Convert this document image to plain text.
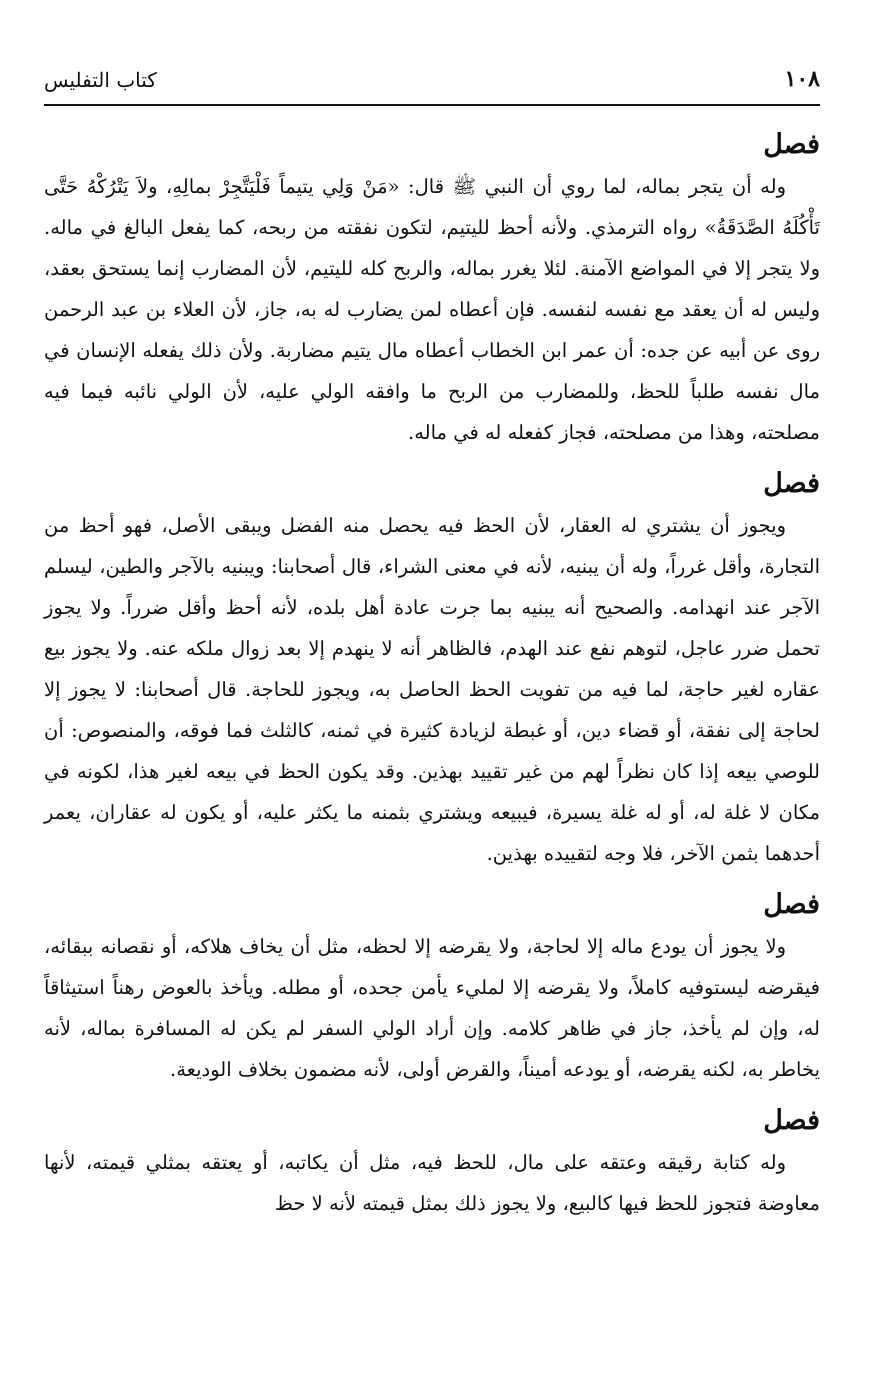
١٠٨
كتاب التفليس
فصل

وله أن يتجر بماله، لما روي أن النبي ﷺ قال: «مَنْ وَلِي يتيماً فَلْيَتَّجِرْ بمالِهِ، ولاَ يَتْرُكْهُ حَتَّى تَأْكُلَهُ الصَّدَقَةُ» رواه الترمذي. ولأنه أحظ لليتيم، لتكون نفقته من ربحه، كما يفعل البالغ في ماله. ولا يتجر إلا في المواضع الآمنة. لئلا يغرر بماله، والربح كله لليتيم، لأن المضارب إنما يستحق بعقد، وليس له أن يعقد مع نفسه لنفسه. فإن أعطاه لمن يضارب له به، جاز، لأن العلاء بن عبد الرحمن روى عن أبيه عن جده: أن عمر ابن الخطاب أعطاه مال يتيم مضاربة. ولأن ذلك يفعله الإنسان في مال نفسه طلباً للحظ، وللمضارب من الربح ما وافقه الولي عليه، لأن الولي نائبه فيما فيه مصلحته، وهذا من مصلحته، فجاز كفعله له في ماله.

فصل

ويجوز أن يشتري له العقار، لأن الحظ فيه يحصل منه الفضل ويبقى الأصل، فهو أحظ من التجارة، وأقل غرراً، وله أن يبنيه، لأنه في معنى الشراء، قال أصحابنا: ويبنيه بالآجر والطين، ليسلم الآجر عند انهدامه. والصحيح أنه يبنيه بما جرت عادة أهل بلده، لأنه أحظ وأقل ضرراً. ولا يجوز تحمل ضرر عاجل، لتوهم نفع عند الهدم، فالظاهر أنه لا ينهدم إلا بعد زوال ملكه عنه. ولا يجوز بيع عقاره لغير حاجة، لما فيه من تفويت الحظ الحاصل به، ويجوز للحاجة. قال أصحابنا: لا يجوز إلا لحاجة إلى نفقة، أو قضاء دين، أو غبطة لزيادة كثيرة في ثمنه، كالثلث فما فوقه، والمنصوص: أن للوصي بيعه إذا كان نظراً لهم من غير تقييد بهذين. وقد يكون الحظ في بيعه لغير هذا، لكونه في مكان لا غلة له، أو له غلة يسيرة، فيبيعه ويشتري بثمنه ما يكثر عليه، أو يكون له عقاران، يعمر أحدهما بثمن الآخر، فلا وجه لتقييده بهذين.

فصل

ولا يجوز أن يودع ماله إلا لحاجة، ولا يقرضه إلا لحظه، مثل أن يخاف هلاكه، أو نقصانه ببقائه، فيقرضه ليستوفيه كاملاً، ولا يقرضه إلا لمليء يأمن جحده، أو مطله. ويأخذ بالعوض رهناً استيثاقاً له، وإن لم يأخذ، جاز في ظاهر كلامه. وإن أراد الولي السفر لم يكن له المسافرة بماله، لأنه يخاطر به، لكنه يقرضه، أو يودعه أميناً، والقرض أولى، لأنه مضمون بخلاف الوديعة.

فصل

وله كتابة رقيقه وعتقه على مال، للحظ فيه، مثل أن يكاتبه، أو يعتقه بمثلي قيمته، لأنها معاوضة فتجوز للحظ فيها كالبيع، ولا يجوز ذلك بمثل قيمته لأنه لا حظ
